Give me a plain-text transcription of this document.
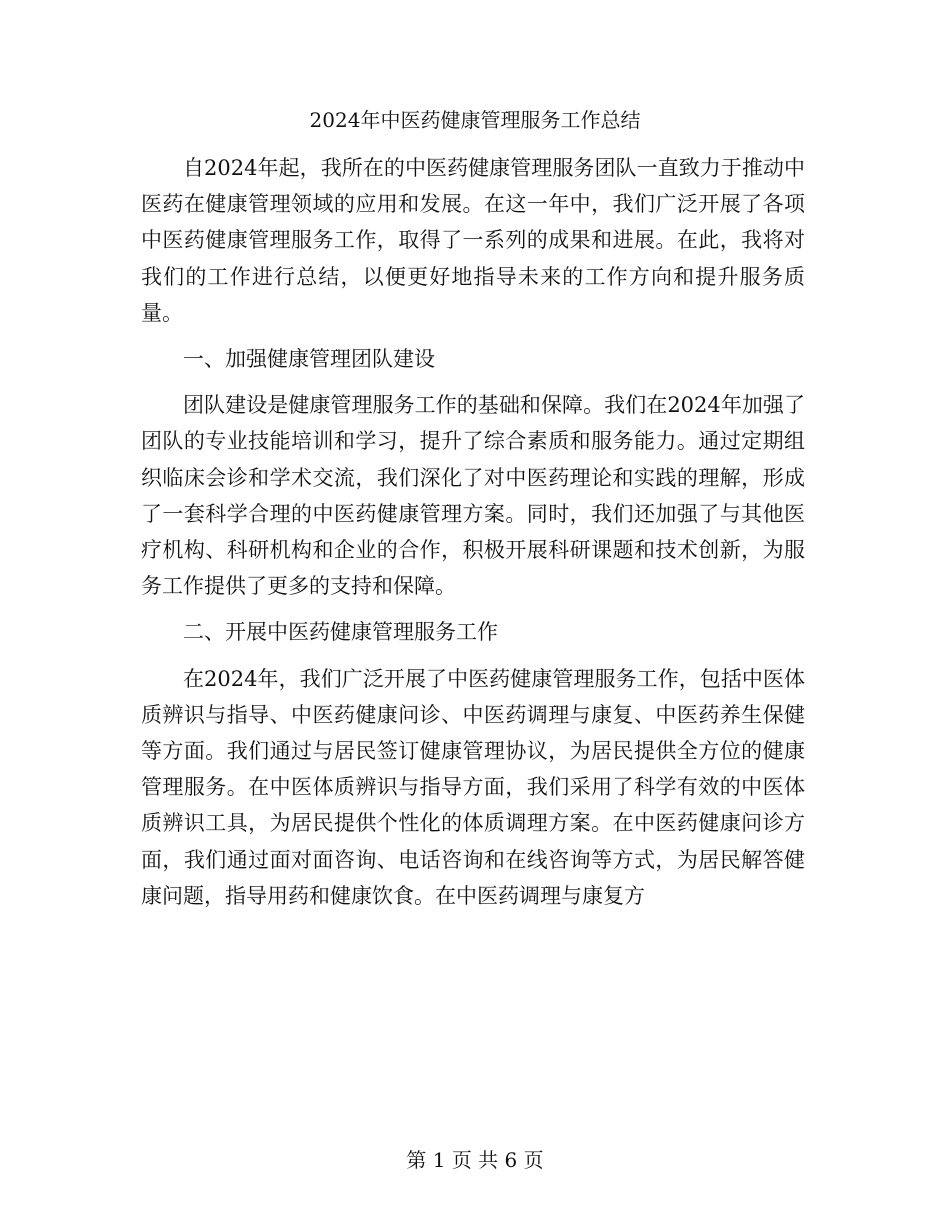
2024年中医药健康管理服务工作总结

自2024年起，我所在的中医药健康管理服务团队一直致力于推动中医药在健康管理领域的应用和发展。在这一年中，我们广泛开展了各项中医药健康管理服务工作，取得了一系列的成果和进展。在此，我将对我们的工作进行总结，以便更好地指导未来的工作方向和提升服务质量。

一、加强健康管理团队建设

团队建设是健康管理服务工作的基础和保障。我们在2024年加强了团队的专业技能培训和学习，提升了综合素质和服务能力。通过定期组织临床会诊和学术交流，我们深化了对中医药理论和实践的理解，形成了一套科学合理的中医药健康管理方案。同时，我们还加强了与其他医疗机构、科研机构和企业的合作，积极开展科研课题和技术创新，为服务工作提供了更多的支持和保障。

二、开展中医药健康管理服务工作

在2024年，我们广泛开展了中医药健康管理服务工作，包括中医体质辨识与指导、中医药健康问诊、中医药调理与康复、中医药养生保健等方面。我们通过与居民签订健康管理协议，为居民提供全方位的健康管理服务。在中医体质辨识与指导方面，我们采用了科学有效的中医体质辨识工具，为居民提供个性化的体质调理方案。在中医药健康问诊方面，我们通过面对面咨询、电话咨询和在线咨询等方式，为居民解答健康问题，指导用药和健康饮食。在中医药调理与康复方

第 1 页 共 6 页
